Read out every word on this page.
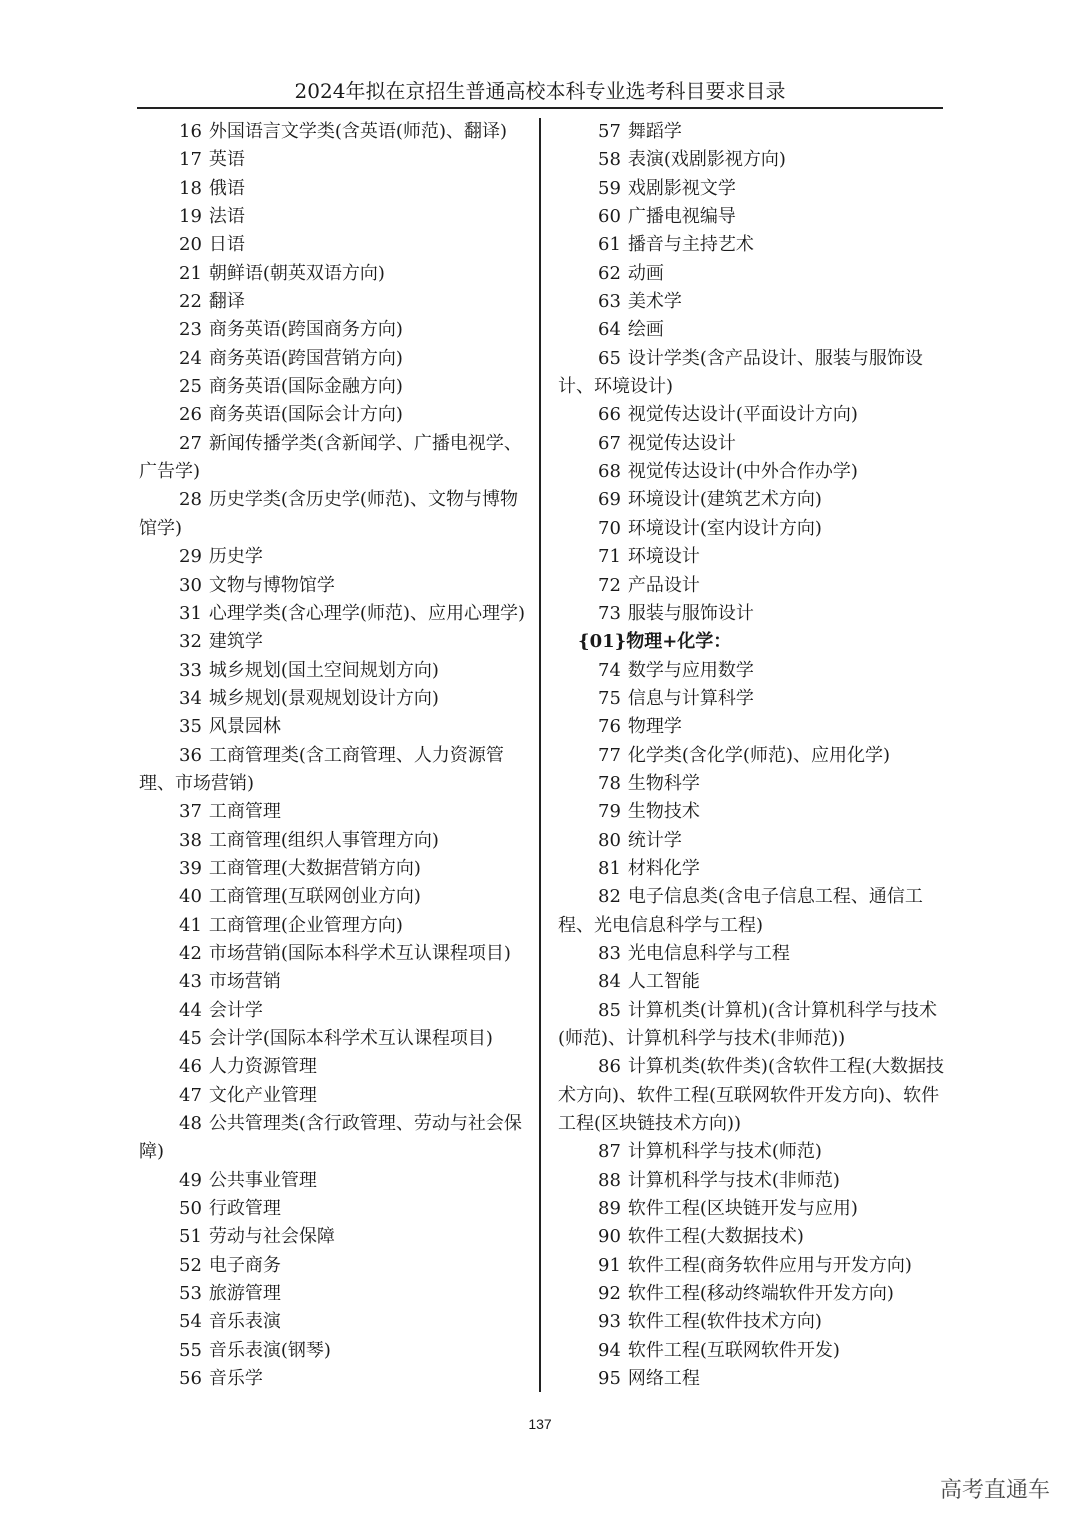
2024年拟在京招生普通高校本科专业选考科目要求目录

16 外国语言文学类(含英语(师范)、翻译)

17 英语

18 俄语

19 法语

20 日语

21 朝鲜语(朝英双语方向)

22 翻译

23 商务英语(跨国商务方向)

24 商务英语(跨国营销方向)

25 商务英语(国际金融方向)

26 商务英语(国际会计方向)

27 新闻传播学类(含新闻学、广播电视学、广告学)

28 历史学类(含历史学(师范)、文物与博物馆学)

29 历史学

30 文物与博物馆学

31 心理学类(含心理学(师范)、应用心理学)

32 建筑学

33 城乡规划(国土空间规划方向)

34 城乡规划(景观规划设计方向)

35 风景园林

36 工商管理类(含工商管理、人力资源管理、市场营销)

37 工商管理

38 工商管理(组织人事管理方向)

39 工商管理(大数据营销方向)

40 工商管理(互联网创业方向)

41 工商管理(企业管理方向)

42 市场营销(国际本科学术互认课程项目)

43 市场营销

44 会计学

45 会计学(国际本科学术互认课程项目)

46 人力资源管理

47 文化产业管理

48 公共管理类(含行政管理、劳动与社会保障)

49 公共事业管理

50 行政管理

51 劳动与社会保障

52 电子商务

53 旅游管理

54 音乐表演

55 音乐表演(钢琴)

56 音乐学

57 舞蹈学

58 表演(戏剧影视方向)

59 戏剧影视文学

60 广播电视编导

61 播音与主持艺术

62 动画

63 美术学

64 绘画

65 设计学类(含产品设计、服装与服饰设计、环境设计)

66 视觉传达设计(平面设计方向)

67 视觉传达设计

68 视觉传达设计(中外合作办学)

69 环境设计(建筑艺术方向)

70 环境设计(室内设计方向)

71 环境设计

72 产品设计

73 服装与服饰设计

{01}物理+化学：

74 数学与应用数学

75 信息与计算科学

76 物理学

77 化学类(含化学(师范)、应用化学)

78 生物科学

79 生物技术

80 统计学

81 材料化学

82 电子信息类(含电子信息工程、通信工程、光电信息科学与工程)

83 光电信息科学与工程

84 人工智能

85 计算机类(计算机)(含计算机科学与技术(师范)、计算机科学与技术(非师范))

86 计算机类(软件类)(含软件工程(大数据技术方向)、软件工程(互联网软件开发方向)、软件工程(区块链技术方向))

87 计算机科学与技术(师范)

88 计算机科学与技术(非师范)

89 软件工程(区块链开发与应用)

90 软件工程(大数据技术)

91 软件工程(商务软件应用与开发方向)

92 软件工程(移动终端软件开发方向)

93 软件工程(软件技术方向)

94 软件工程(互联网软件开发)

95 网络工程

137
高考直通车
